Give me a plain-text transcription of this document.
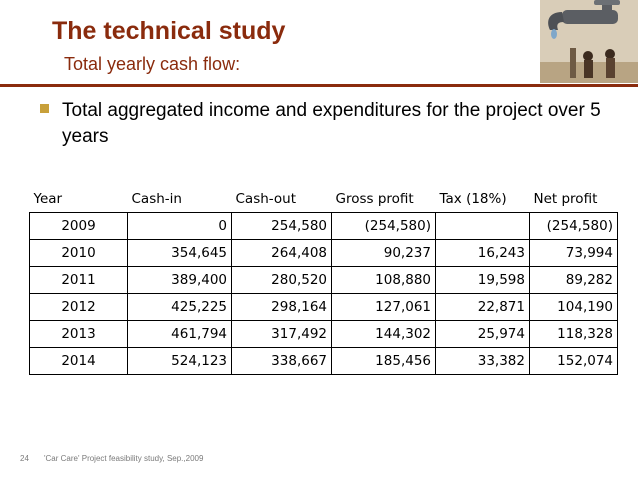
The technical study
Total yearly cash flow:
Total aggregated income and expenditures for the project over 5 years
Year	Cash-in	Cash-out	Gross profit	Tax (18%)	Net profit
2009	0	254,580	(254,580)		(254,580)
2010	354,645	264,408	90,237	16,243	73,994
2011	389,400	280,520	108,880	19,598	89,282
2012	425,225	298,164	127,061	22,871	104,190
2013	461,794	317,492	144,302	25,974	118,328
2014	524,123	338,667	185,456	33,382	152,074
24 'Car Care' Project feasibility study, Sep.,2009
